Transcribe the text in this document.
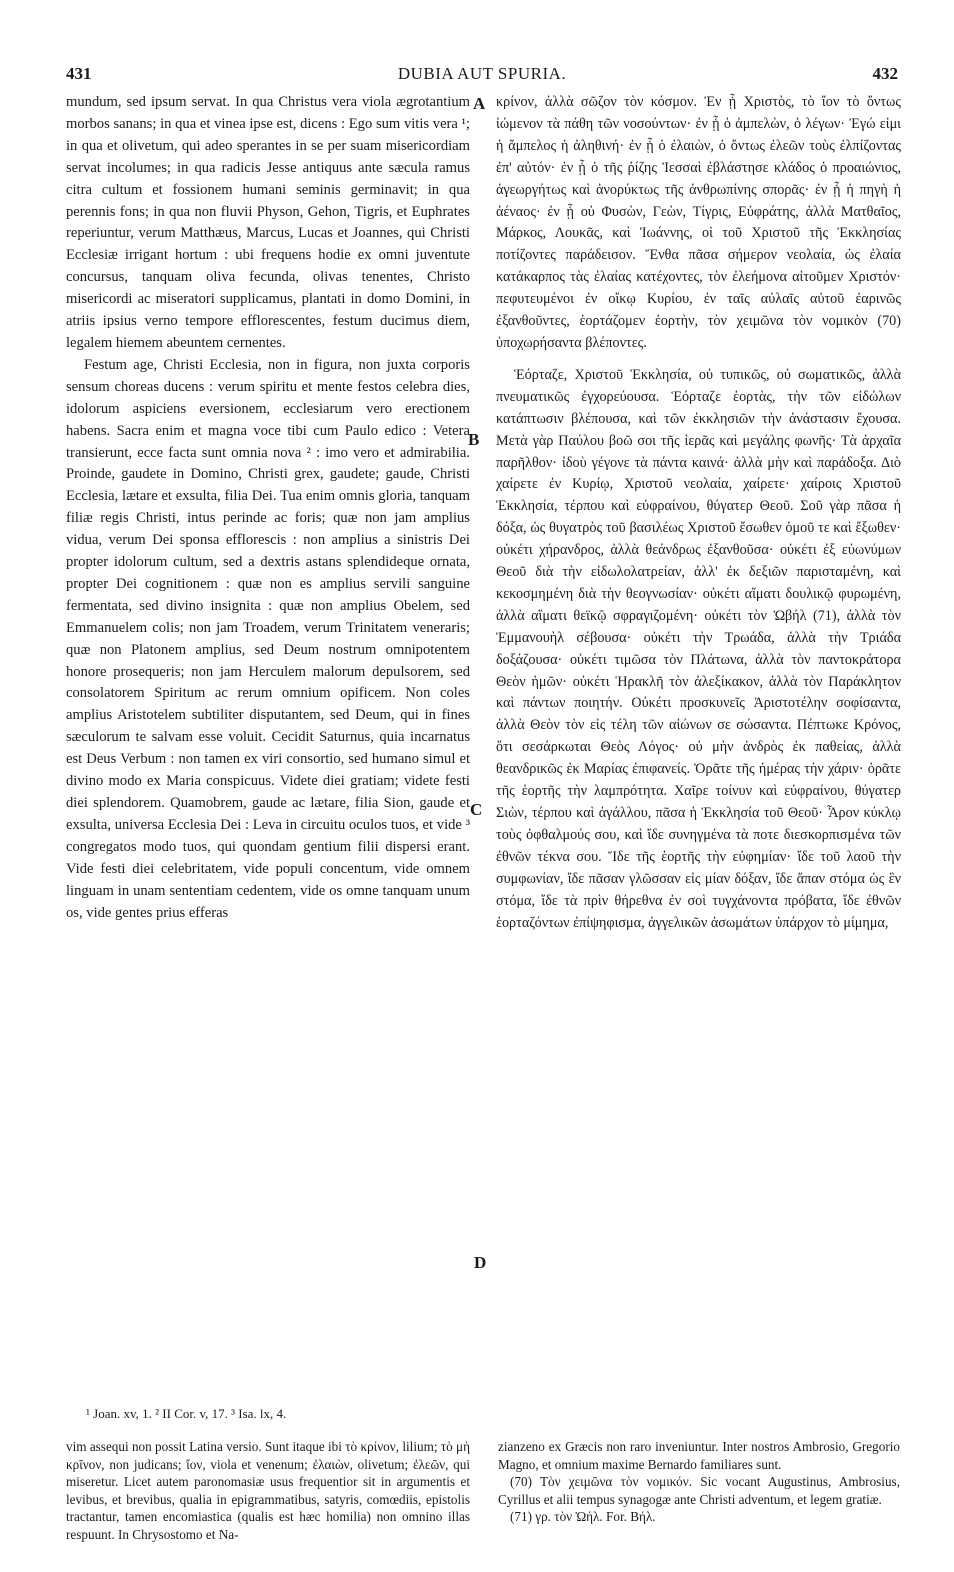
431	DUBIA AUT SPURIA.	432

mundum, sed ipsum servat. In qua Christus vera viola ægrotantium morbos sanans; in qua et vinea ipse est, dicens : Ego sum vitis vera ¹; in qua et olivetum, qui adeo sperantes in se per suam misericordiam servat incolumes; in qua radicis Jesse antiquus ante sæcula ramus citra cultum et fossionem humani seminis germinavit; in qua perennis fons; in qua non fluvii Physon, Gehon, Tigris, et Euphrates reperiuntur, verum Matthæus, Marcus, Lucas et Joannes, qui Christi Ecclesiæ irrigant hortum : ubi frequens hodie ex omni juventute concursus, tanquam oliva fecunda, olivas tenentes, Christo misericordi ac miseratori supplicamus, plantati in domo Domini, in atriis ipsius verno tempore efflorescentes, festum ducimus diem, legalem hiemem abeuntem cernentes.

Festum age, Christi Ecclesia, non in figura, non juxta corporis sensum choreas ducens : verum spiritu et mente festos celebra dies, idolorum aspiciens eversionem, ecclesiarum vero erectionem habens. Sacra enim et magna voce tibi cum Paulo edico : Vetera transierunt, ecce facta sunt omnia nova ² : imo vero et admirabilia. Proinde, gaudete in Domino, Christi grex, gaudete; gaude, Christi Ecclesia, lætare et exsulta, filia Dei. Tua enim omnis gloria, tanquam filiæ regis Christi, intus perinde ac foris; quæ non jam amplius vidua, verum Dei sponsa efflorescis : non amplius a sinistris Dei propter idolorum cultum, sed a dextris astans splendideque ornata, propter Dei cognitionem : quæ non es amplius servili sanguine fermentata, sed divino insignita : quæ non amplius Obelem, sed Emmanuelem colis; non jam Troadem, verum Trinitatem veneraris; quæ non Platonem amplius, sed Deum nostrum omnipotentem honore prosequeris; non jam Herculem malorum depulsorem, sed consolatorem Spiritum ac rerum omnium opificem. Non coles amplius Aristotelem subtiliter disputantem, sed Deum, qui in fines sæculorum te salvam esse voluit. Cecidit Saturnus, quia incarnatus est Deus Verbum : non tamen ex viri consortio, sed humano simul et divino modo ex Maria conspicuus. Videte diei gratiam; videte festi diei splendorem. Quamobrem, gaude ac lætare, filia Sion, gaude et exsulta, universa Ecclesia Dei : Leva in circuitu oculos tuos, et vide ³ congregatos modo tuos, qui quondam gentium filii dispersi erant. Vide festi diei celebritatem, vide populi concentum, vide omnem linguam in unam sententiam cedentem, vide os omne tanquam unum os, vide gentes prius efferas

κρίνον, ἀλλὰ σῶζον τὸν κόσμον. Ἐν ᾗ Χριστὸς, τὸ ἴον τὸ ὄντως ἰώμενον τὰ πάθη τῶν νοσούντων· ἐν ᾗ ὁ ἀμπελὼν, ὁ λέγων· Ἐγώ εἰμι ἡ ἄμπελος ἡ ἀληθινή· ἐν ᾗ ὁ ἐλαιὼν, ὁ ὄντως ἐλεῶν τοὺς ἐλπίζοντας ἐπ' αὐτόν· ἐν ᾗ ὁ τῆς ῥίζης Ἰεσσαὶ ἐβλάστησε κλάδος ὁ προαιώνιος, ἀγεωργήτως καὶ ἀνορύκτως τῆς ἀνθρωπίνης σπορᾶς· ἐν ᾗ ἡ πηγὴ ἡ ἀέναος· ἐν ᾗ οὐ Φυσὼν, Γεὼν, Τίγρις, Εὐφράτης, ἀλλὰ Ματθαῖος, Μάρκος, Λουκᾶς, καὶ Ἰωάννης, οἱ τοῦ Χριστοῦ τῆς Ἐκκλησίας ποτίζοντες παράδεισον. Ἔνθα πᾶσα σήμερον νεολαία, ὡς ἐλαία κατάκαρπος τὰς ἐλαίας κατέχοντες, τὸν ἐλεήμονα αἰτοῦμεν Χριστόν· πεφυτευμένοι ἐν οἴκῳ Κυρίου, ἐν ταῖς αὐλαῖς αὐτοῦ ἐαρινῶς ἐξανθοῦντες, ἑορτάζομεν ἑορτὴν, τὸν χειμῶνα τὸν νομικὸν (70) ὑποχωρήσαντα βλέποντες.

Ἑόρταζε, Χριστοῦ Ἐκκλησία, οὐ τυπικῶς, οὐ σωματικῶς, ἀλλὰ πνευματικῶς ἐγχορεύουσα. Ἑόρταζε ἑορτὰς, τὴν τῶν εἰδώλων κατάπτωσιν βλέπουσα, καὶ τῶν ἐκκλησιῶν τὴν ἀνάστασιν ἔχουσα. Μετὰ γὰρ Παύλου βοῶ σοι τῆς ἱερᾶς καὶ μεγάλης φωνῆς· Τὰ ἀρχαῖα παρῆλθον· ἰδοὺ γέγονε τὰ πάντα καινά· ἀλλὰ μὴν καὶ παράδοξα. Διὸ χαίρετε ἐν Κυρίῳ, Χριστοῦ νεολαία, χαίρετε· χαίροις Χριστοῦ Ἐκκλησία, τέρπου καὶ εὐφραίνου, θύγατερ Θεοῦ. Σοῦ γὰρ πᾶσα ἡ δόξα, ὡς θυγατρὸς τοῦ βασιλέως Χριστοῦ ἔσωθεν ὁμοῦ τε καὶ ἔξωθεν· οὐκέτι χήρανδρος, ἀλλὰ θεάνδρως ἐξανθοῦσα· οὐκέτι ἐξ εὐωνύμων Θεοῦ διὰ τὴν εἰδωλολατρείαν, ἀλλ' ἐκ δεξιῶν παρισταμένη, καὶ κεκοσμημένη διὰ τὴν θεογνωσίαν· οὐκέτι αἵματι δουλικῷ φυρωμένη, ἀλλὰ αἵματι θεϊκῷ σφραγιζομένη· οὐκέτι τὸν Ὠβήλ (71), ἀλλὰ τὸν Ἐμμανουὴλ σέβουσα· οὐκέτι τὴν Τρωάδα, ἀλλὰ τὴν Τριάδα δοξάζουσα· οὐκέτι τιμῶσα τὸν Πλάτωνα, ἀλλὰ τὸν παντοκράτορα Θεὸν ἡμῶν· οὐκέτι Ἡρακλῆ τὸν ἀλεξίκακον, ἀλλὰ τὸν Παράκλητον καὶ πάντων ποιητήν. Οὐκέτι προσκυνεῖς Ἀριστοτέλην σοφίσαντα, ἀλλὰ Θεὸν τὸν εἰς τέλη τῶν αἰώνων σε σώσαντα. Πέπτωκε Κρόνος, ὅτι σεσάρκωται Θεὸς Λόγος· οὐ μὴν ἀνδρὸς ἐκ παθείας, ἀλλὰ θεανδρικῶς ἐκ Μαρίας ἐπιφανείς. Ὁρᾶτε τῆς ἡμέρας τὴν χάριν· ὁρᾶτε τῆς ἑορτῆς τὴν λαμπρότητα. Χαῖρε τοίνυν καὶ εὐφραίνου, θύγατερ Σιὼν, τέρπου καὶ ἀγάλλου, πᾶσα ἡ Ἐκκλησία τοῦ Θεοῦ· Ἆρον κύκλῳ τοὺς ὀφθαλμούς σου, καὶ ἴδε συνηγμένα τὰ ποτε διεσκορπισμένα τῶν ἐθνῶν τέκνα σου. Ἴδε τῆς ἑορτῆς τὴν εὐφημίαν· ἴδε τοῦ λαοῦ τὴν συμφωνίαν, ἴδε πᾶσαν γλῶσσαν εἰς μίαν δόξαν, ἴδε ἅπαν στόμα ὡς ἓν στόμα, ἴδε τὰ πρὶν θήρεθνα ἐν σοὶ τυγχάνοντα πρόβατα, ἴδε ἐθνῶν ἑορταζόντων ἐπίψηφισμα, ἀγγελικῶν ἀσωμάτων ὑπάρχον τὸ μίμημα,

A
B
C
D
¹ Joan. xv, 1. ² II Cor. v, 17. ³ Isa. lx, 4.

vim assequi non possit Latina versio. Sunt itaque ibi τὸ κρίνον, lilium; τὸ μὴ κρῖνον, non judicans; ἴον, viola et venenum; ἐλαιὼν, olivetum; ἐλεῶν, qui miseretur. Licet autem paronomasiæ usus frequentior sit in argumentis et levibus, et brevibus, qualia in epigrammatibus, satyris, comœdiis, epistolis tractantur, tamen encomiastica (qualis est hæc homilia) non omnino illas respuunt. In Chrysostomo et Na-

zianzeno ex Græcis non raro inveniuntur. Inter nostros Ambrosio, Gregorio Magno, et omnium maxime Bernardo familiares sunt.

(70) Τὸν χειμῶνα τὸν νομικόν. Sic vocant Augustinus, Ambrosius, Cyrillus et alii tempus synagogæ ante Christi adventum, et legem gratiæ.

(71) γρ. τὸν Ὠήλ. For. Βήλ.
